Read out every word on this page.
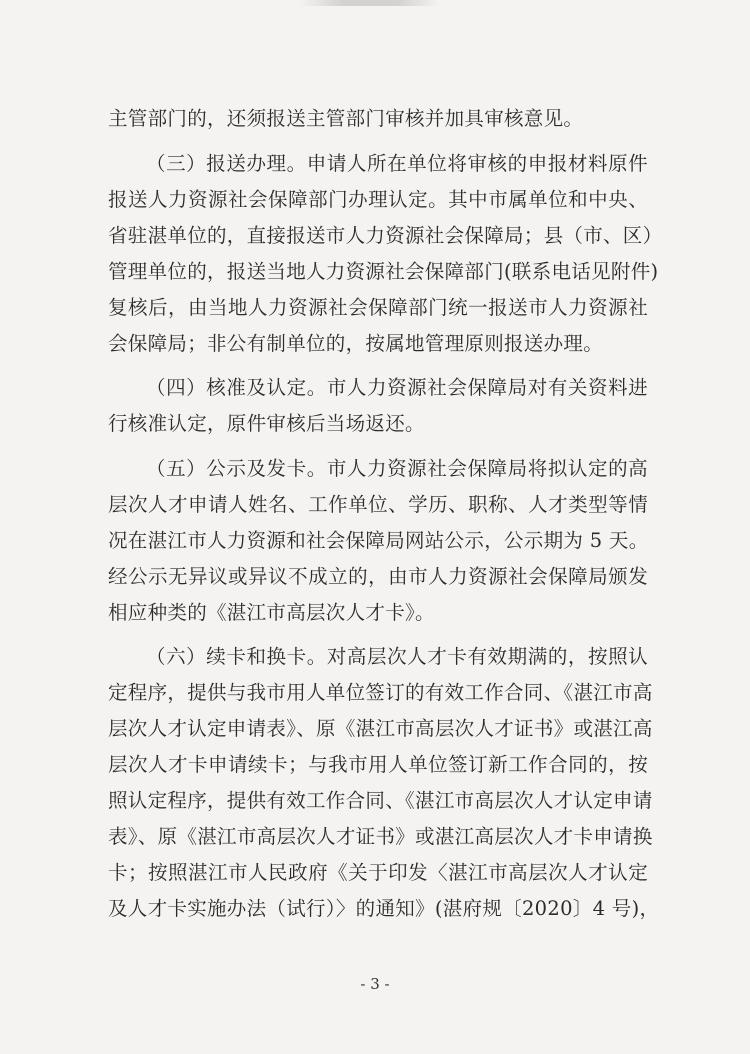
主管部门的，还须报送主管部门审核并加具审核意见。
（三）报送办理。申请人所在单位将审核的申报材料原件
报送人力资源社会保障部门办理认定。其中市属单位和中央、
省驻湛单位的，直接报送市人力资源社会保障局；县（市、区）
管理单位的，报送当地人力资源社会保障部门(联系电话见附件)
复核后，由当地人力资源社会保障部门统一报送市人力资源社
会保障局；非公有制单位的，按属地管理原则报送办理。
（四）核准及认定。市人力资源社会保障局对有关资料进
行核准认定，原件审核后当场返还。
（五）公示及发卡。市人力资源社会保障局将拟认定的高
层次人才申请人姓名、工作单位、学历、职称、人才类型等情
况在湛江市人力资源和社会保障局网站公示，公示期为 5 天。
经公示无异议或异议不成立的，由市人力资源社会保障局颁发
相应种类的《湛江市高层次人才卡》。
（六）续卡和换卡。对高层次人才卡有效期满的，按照认
定程序，提供与我市用人单位签订的有效工作合同、《湛江市高
层次人才认定申请表》、原《湛江市高层次人才证书》或湛江高
层次人才卡申请续卡；与我市用人单位签订新工作合同的，按
照认定程序，提供有效工作合同、《湛江市高层次人才认定申请
表》、原《湛江市高层次人才证书》或湛江高层次人才卡申请换
卡；按照湛江市人民政府《关于印发〈湛江市高层次人才认定
及人才卡实施办法（试行）〉的通知》(湛府规〔2020〕4 号)，
- 3 -
